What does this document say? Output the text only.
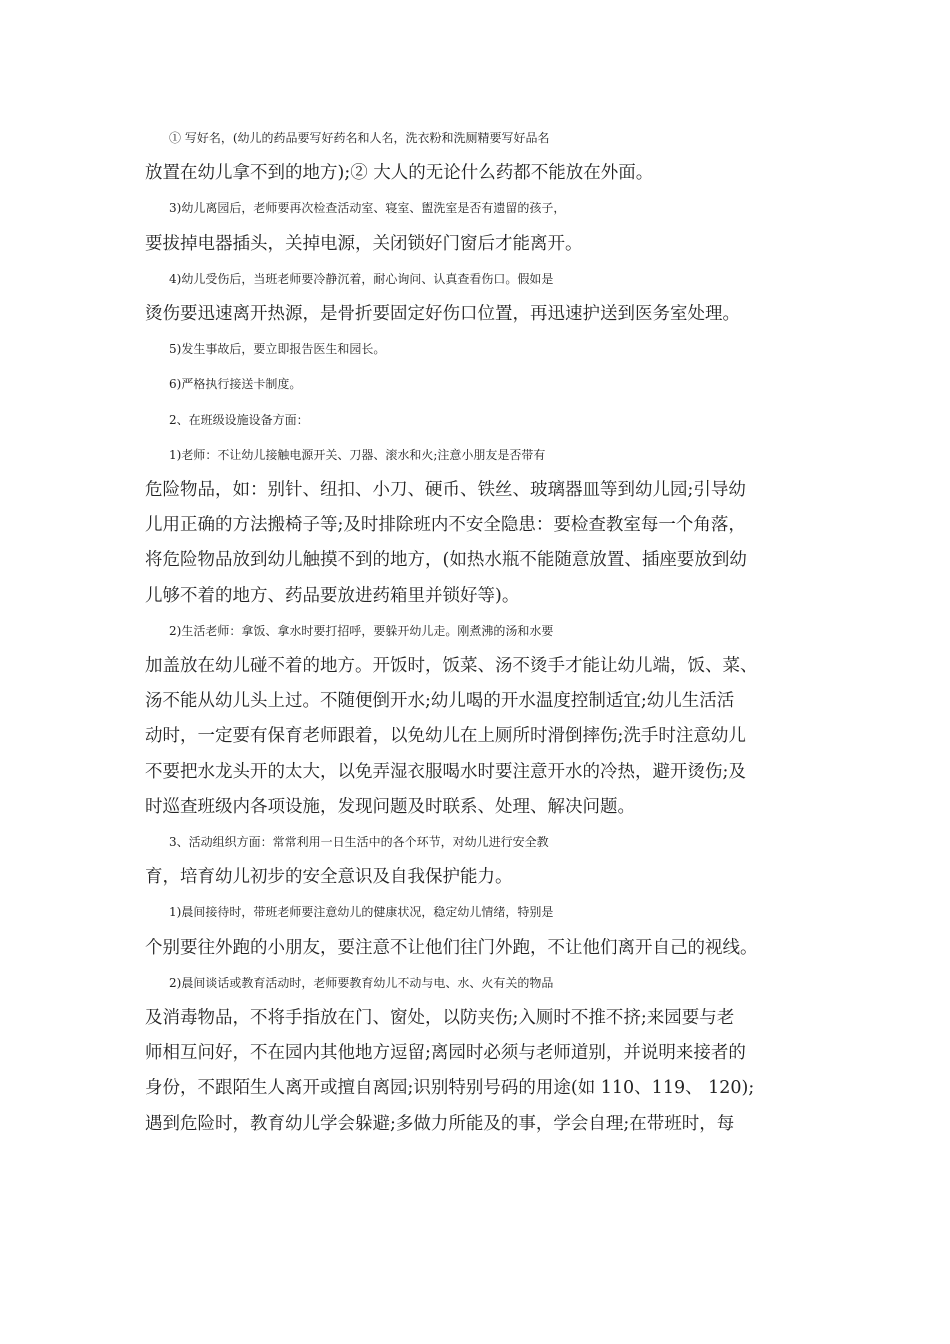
① 写好名，(幼儿的药品要写好药名和人名，洗衣粉和洗厕精要写好品名
放置在幼儿拿不到的地方);② 大人的无论什么药都不能放在外面。
3)幼儿离园后，老师要再次检查活动室、寝室、盥洗室是否有遗留的孩子，
要拔掉电器插头，关掉电源，关闭锁好门窗后才能离开。
4)幼儿受伤后，当班老师要冷静沉着，耐心询问、认真查看伤口。假如是
烫伤要迅速离开热源，是骨折要固定好伤口位置，再迅速护送到医务室处理。
5)发生事故后，要立即报告医生和园长。
6)严格执行接送卡制度。
2、在班级设施设备方面：
1)老师：不让幼儿接触电源开关、刀器、滚水和火;注意小朋友是否带有
危险物品，如：别针、纽扣、小刀、硬币、铁丝、玻璃器皿等到幼儿园;引导幼
儿用正确的方法搬椅子等;及时排除班内不安全隐患：要检查教室每一个角落，
将危险物品放到幼儿触摸不到的地方，(如热水瓶不能随意放置、插座要放到幼
儿够不着的地方、药品要放进药箱里并锁好等)。
2)生活老师：拿饭、拿水时要打招呼，要躲开幼儿走。刚煮沸的汤和水要
加盖放在幼儿碰不着的地方。开饭时，饭菜、汤不烫手才能让幼儿端，饭、菜、
汤不能从幼儿头上过。不随便倒开水;幼儿喝的开水温度控制适宜;幼儿生活活
动时，一定要有保育老师跟着，以免幼儿在上厕所时滑倒摔伤;洗手时注意幼儿
不要把水龙头开的太大，以免弄湿衣服喝水时要注意开水的冷热，避开烫伤;及
时巡查班级内各项设施，发现问题及时联系、处理、解决问题。
3、活动组织方面：常常利用一日生活中的各个环节，对幼儿进行安全教
育，培育幼儿初步的安全意识及自我保护能力。
1)晨间接待时，带班老师要注意幼儿的健康状况，稳定幼儿情绪，特别是
个别要往外跑的小朋友，要注意不让他们往门外跑，不让他们离开自己的视线。
2)晨间谈话或教育活动时，老师要教育幼儿不动与电、水、火有关的物品
及消毒物品，不将手指放在门、窗处，以防夹伤;入厕时不推不挤;来园要与老
师相互问好，不在园内其他地方逗留;离园时必须与老师道别，并说明来接者的
身份，不跟陌生人离开或擅自离园;识别特别号码的用途(如 110、119、 120);
遇到危险时，教育幼儿学会躲避;多做力所能及的事，学会自理;在带班时，每
